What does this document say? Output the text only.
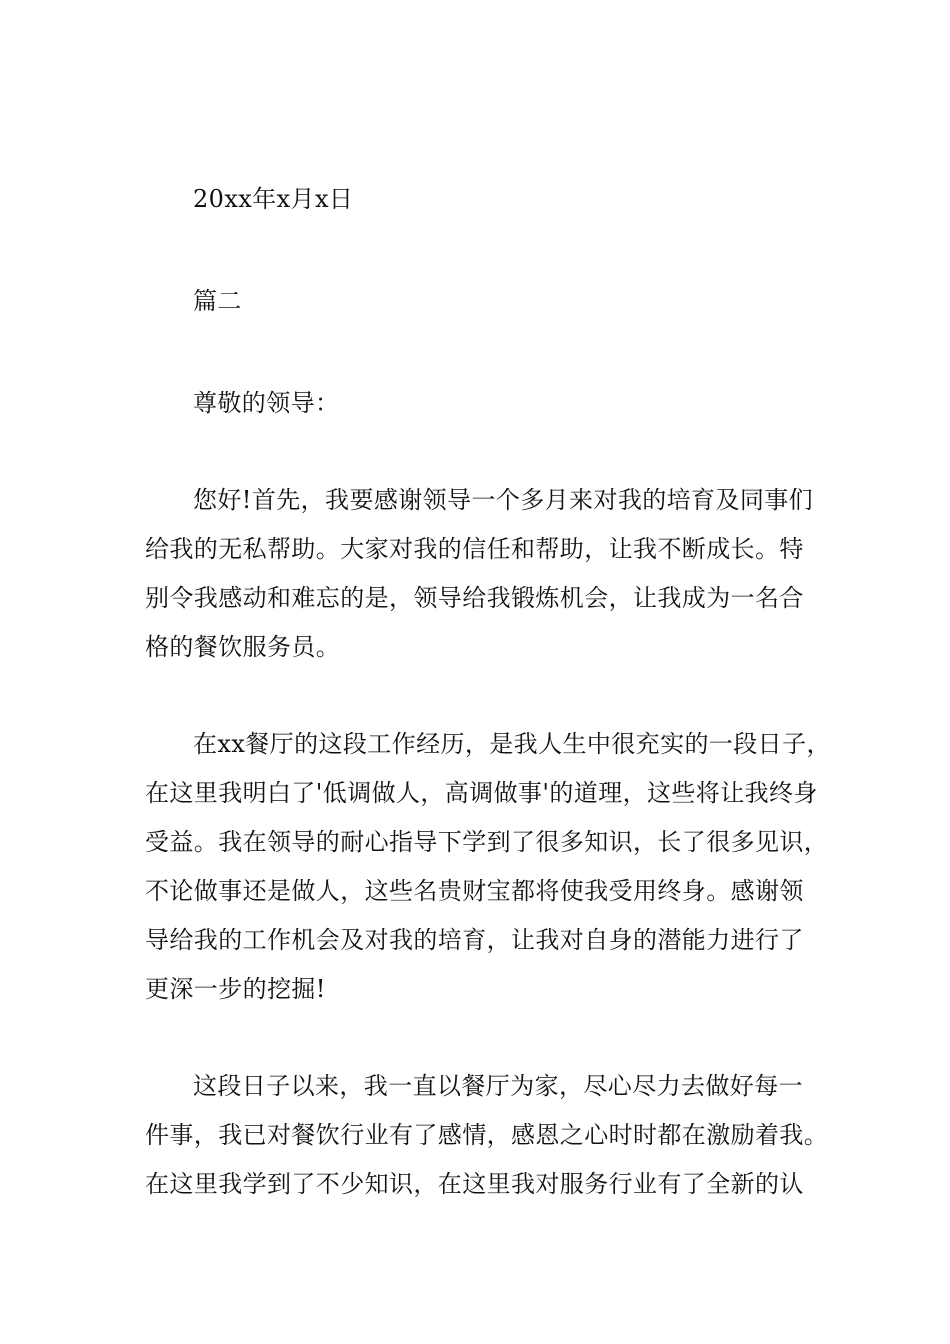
20xx年x月x日
篇二
尊敬的领导：
您好!首先，我要感谢领导一个多月来对我的培育及同事们
给我的无私帮助。大家对我的信任和帮助，让我不断成长。特
别令我感动和难忘的是，领导给我锻炼机会，让我成为一名合
格的餐饮服务员。
在xx餐厅的这段工作经历，是我人生中很充实的一段日子，
在这里我明白了'低调做人，高调做事'的道理，这些将让我终身
受益。我在领导的耐心指导下学到了很多知识，长了很多见识，
不论做事还是做人，这些名贵财宝都将使我受用终身。感谢领
导给我的工作机会及对我的培育，让我对自身的潜能力进行了
更深一步的挖掘!
这段日子以来，我一直以餐厅为家，尽心尽力去做好每一
件事，我已对餐饮行业有了感情，感恩之心时时都在激励着我。
在这里我学到了不少知识，在这里我对服务行业有了全新的认
